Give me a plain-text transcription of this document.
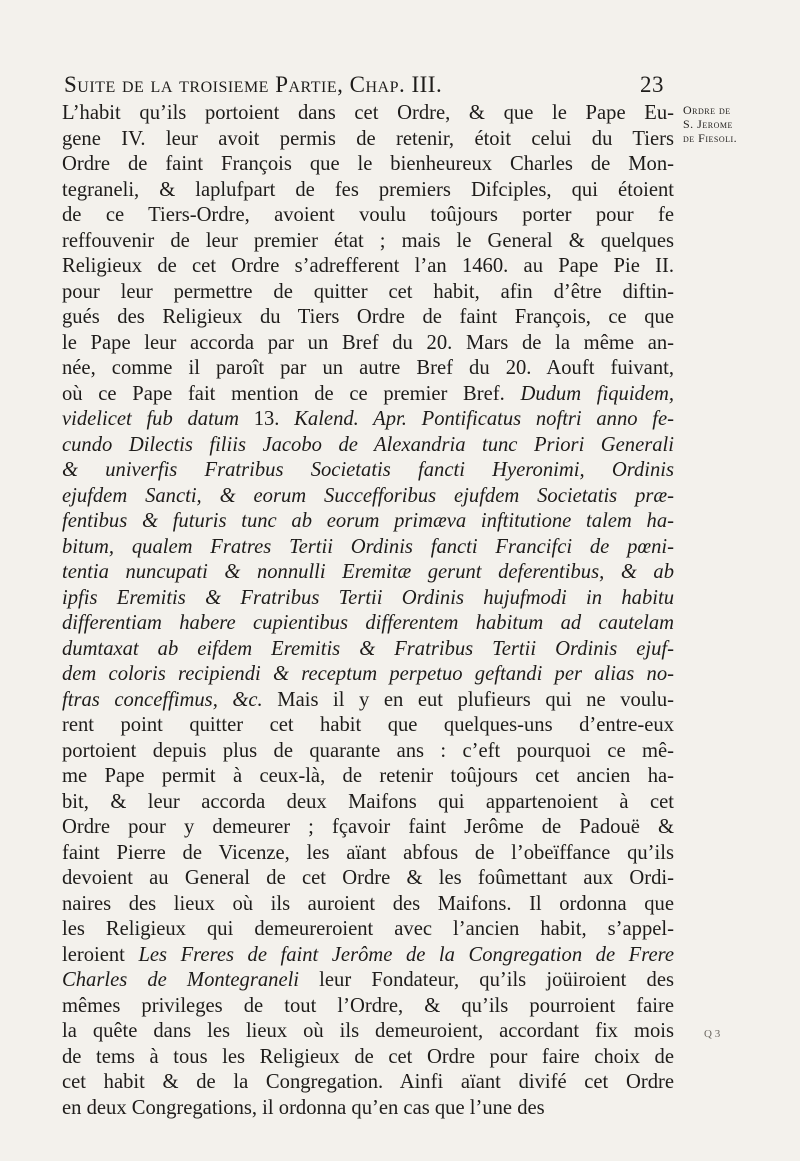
Suite de la troisieme Partie, Chap. III.	23
Ordre de
S. Jerome
de Fiesoli.
L’habit qu’ils portoient dans cet Ordre, & que le Pape Eu-
gene IV. leur avoit permis de retenir, étoit celui du Tiers
Ordre de faint François que le bienheureux Charles de Mon-
tegraneli, & laplufpart de fes premiers Difciples, qui étoient
de ce Tiers-Ordre, avoient voulu toûjours porter pour fe
reffouvenir de leur premier état ; mais le General & quelques
Religieux de cet Ordre s’adrefferent l’an 1460. au Pape Pie II.
pour leur permettre de quitter cet habit, afin d’être diftin-
gués des Religieux du Tiers Ordre de faint François, ce que
le Pape leur accorda par un Bref du 20. Mars de la même an-
née, comme il paroît par un autre Bref du 20. Aouft fuivant,
où ce Pape fait mention de ce premier Bref. Dudum fiquidem,
videlicet fub datum 13. Kalend. Apr. Pontificatus noftri anno fe-
cundo Dilectis filiis Jacobo de Alexandria tunc Priori Generali
& univerfis Fratribus Societatis fancti Hyeronimi, Ordinis
ejufdem Sancti, & eorum Succefforibus ejufdem Societatis præ-
fentibus & futuris tunc ab eorum primæva inftitutione talem ha-
bitum, qualem Fratres Tertii Ordinis fancti Francifci de pœni-
tentia nuncupati & nonnulli Eremitæ gerunt deferentibus, & ab
ipfis Eremitis & Fratribus Tertii Ordinis hujufmodi in habitu
differentiam habere cupientibus differentem habitum ad cautelam
dumtaxat ab eifdem Eremitis & Fratribus Tertii Ordinis ejuf-
dem coloris recipiendi & receptum perpetuo geftandi per alias no-
ftras conceffimus, &c. Mais il y en eut plufieurs qui ne voulu-
rent point quitter cet habit que quelques-uns d’entre-eux
portoient depuis plus de quarante ans : c’eft pourquoi ce mê-
me Pape permit à ceux-là, de retenir toûjours cet ancien ha-
bit, & leur accorda deux Maifons qui appartenoient à cet
Ordre pour y demeurer ; fçavoir faint Jerôme de Padouë &
faint Pierre de Vicenze, les aïant abfous de l’obeïffance qu’ils
devoient au General de cet Ordre & les foûmettant aux Ordi-
naires des lieux où ils auroient des Maifons. Il ordonna que
les Religieux qui demeureroient avec l’ancien habit, s’appel-
leroient Les Freres de faint Jerôme de la Congregation de Frere
Charles de Montegraneli leur Fondateur, qu’ils joüiroient des
mêmes privileges de tout l’Ordre, & qu’ils pourroient faire
la quête dans les lieux où ils demeuroient, accordant fix mois
de tems à tous les Religieux de cet Ordre pour faire choix de
cet habit & de la Congregation. Ainfi aïant divifé cet Ordre
en deux Congregations, il ordonna qu’en cas que l’une des
Q 3
